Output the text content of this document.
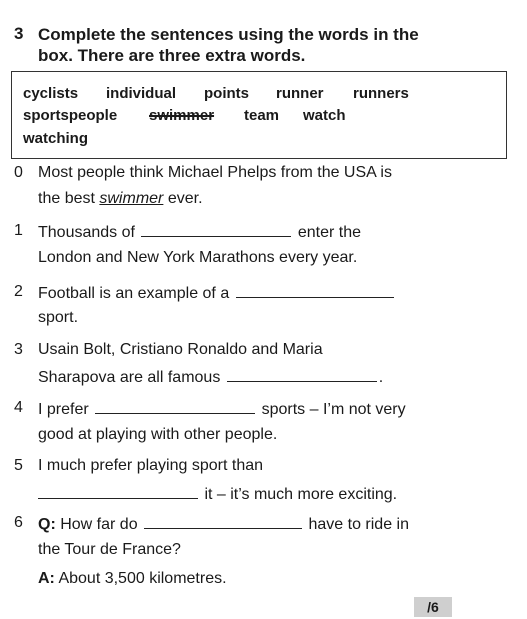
3 Complete the sentences using the words in the
box. There are three extra words.
cyclists individual points runner runners
sportspeople swimmer team watch
watching
0 Most people think Michael Phelps from the USA is
the best swimmer ever.
1 Thousands of	enter the
London and New York Marathons every year.
2 Football is an example of a
sport.
3 Usain Bolt, Cristiano Ronaldo and Maria
Sharapova are all famous	.
4 I prefer	sports – I’m not very
good at playing with other people.
5 I much prefer playing sport than
it – it’s much more exciting.
6 Q: How far do	have to ride in
the Tour de France?
A: About 3,500 kilometres.
/6
